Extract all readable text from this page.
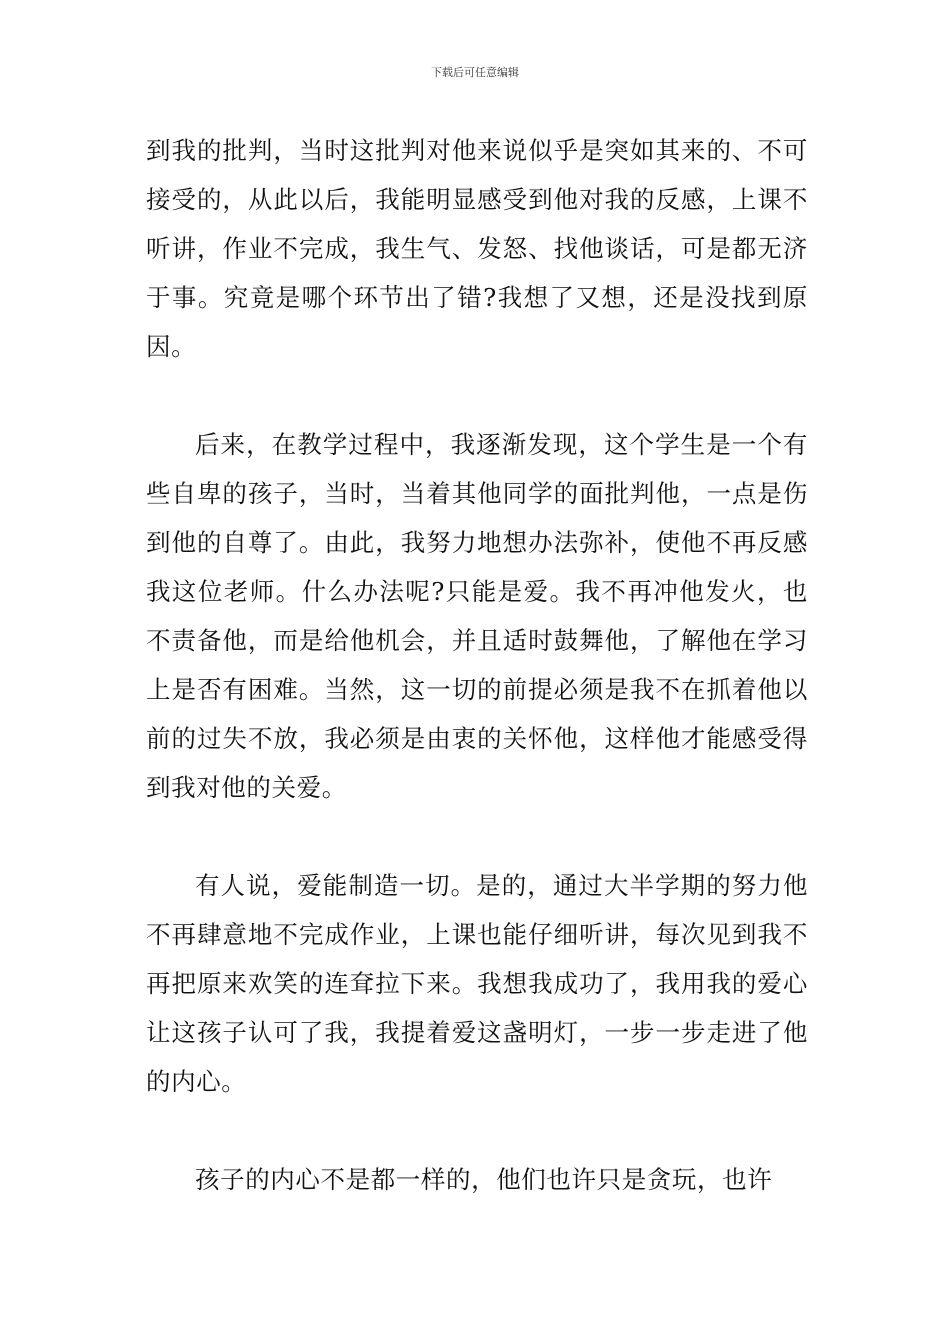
下载后可任意编辑

到我的批判，当时这批判对他来说似乎是突如其来的、不可接受的，从此以后，我能明显感受到他对我的反感，上课不听讲，作业不完成，我生气、发怒、找他谈话，可是都无济于事。究竟是哪个环节出了错?我想了又想，还是没找到原因。

后来，在教学过程中，我逐渐发现，这个学生是一个有些自卑的孩子，当时，当着其他同学的面批判他，一点是伤到他的自尊了。由此，我努力地想办法弥补，使他不再反感我这位老师。什么办法呢?只能是爱。我不再冲他发火，也不责备他，而是给他机会，并且适时鼓舞他，了解他在学习上是否有困难。当然，这一切的前提必须是我不在抓着他以前的过失不放，我必须是由衷的关怀他，这样他才能感受得到我对他的关爱。

有人说，爱能制造一切。是的，通过大半学期的努力他不再肆意地不完成作业，上课也能仔细听讲，每次见到我不再把原来欢笑的连耷拉下来。我想我成功了，我用我的爱心让这孩子认可了我，我提着爱这盏明灯，一步一步走进了他的内心。

孩子的内心不是都一样的，他们也许只是贪玩，也许
